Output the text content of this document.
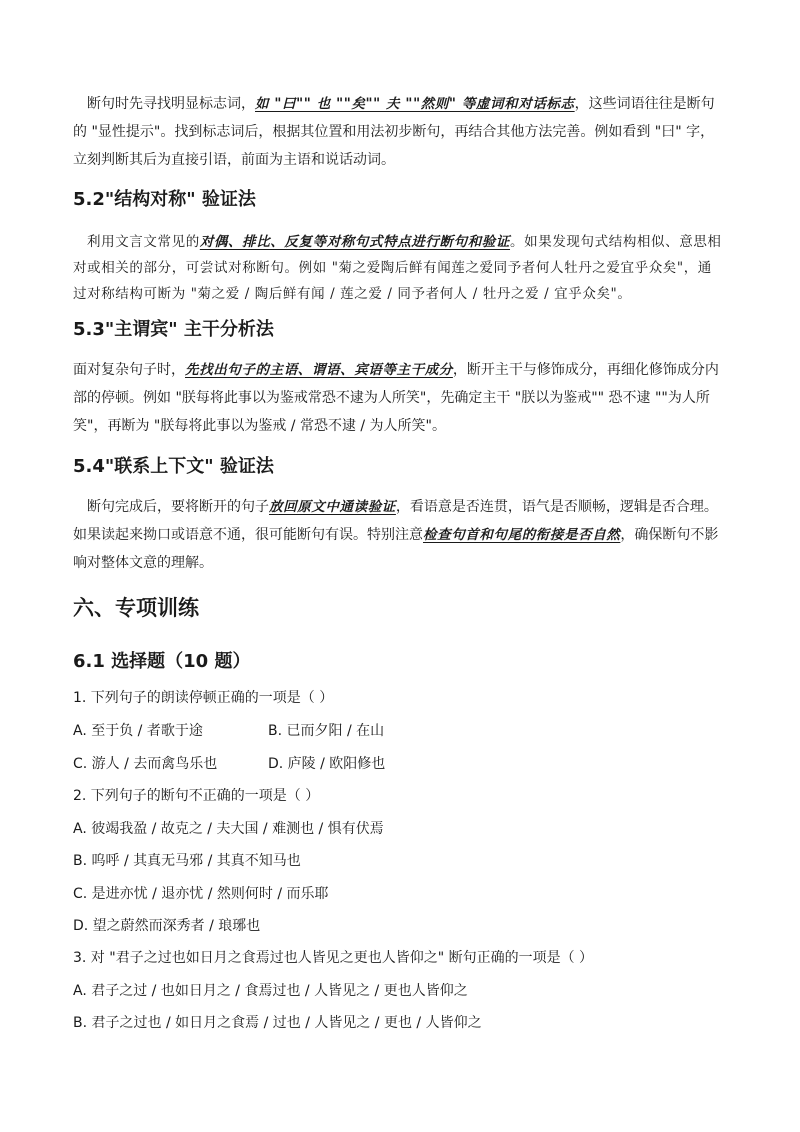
断句时先寻找明显标志词，如 "曰"" 也 ""矣"" 夫 ""然则" 等虚词和对话标志，这些词语往往是断句的 "显性提示"。找到标志词后，根据其位置和用法初步断句，再结合其他方法完善。例如看到 "曰" 字，立刻判断其后为直接引语，前面为主语和说话动词。

5.2"结构对称" 验证法

利用文言文常见的对偶、排比、反复等对称句式特点进行断句和验证。如果发现句式结构相似、意思相对或相关的部分，可尝试对称断句。例如 "菊之爱陶后鲜有闻莲之爱同予者何人牡丹之爱宜乎众矣"，通过对称结构可断为 "菊之爱 / 陶后鲜有闻 / 莲之爱 / 同予者何人 / 牡丹之爱 / 宜乎众矣"。

5.3"主谓宾" 主干分析法

面对复杂句子时，先找出句子的主语、谓语、宾语等主干成分，断开主干与修饰成分，再细化修饰成分内部的停顿。例如 "朕每将此事以为鉴戒常恐不逮为人所笑"，先确定主干 "朕以为鉴戒"" 恐不逮 ""为人所笑"，再断为 "朕每将此事以为鉴戒 / 常恐不逮 / 为人所笑"。

5.4"联系上下文" 验证法

断句完成后，要将断开的句子放回原文中通读验证，看语意是否连贯，语气是否顺畅，逻辑是否合理。如果读起来拗口或语意不通，很可能断句有误。特别注意检查句首和句尾的衔接是否自然，确保断句不影响对整体文意的理解。

六、专项训练
6.1 选择题（10 题）

1. 下列句子的朗读停顿正确的一项是（ ）

A. 至于负 / 者歌于途	B. 已而夕阳 / 在山

C. 游人 / 去而禽鸟乐也	D. 庐陵 / 欧阳修也

2. 下列句子的断句不正确的一项是（ ）

A. 彼竭我盈 / 故克之 / 夫大国 / 难测也 / 惧有伏焉

B. 呜呼 / 其真无马邪 / 其真不知马也

C. 是进亦忧 / 退亦忧 / 然则何时 / 而乐耶

D. 望之蔚然而深秀者 / 琅琊也

3. 对 "君子之过也如日月之食焉过也人皆见之更也人皆仰之" 断句正确的一项是（ ）

A. 君子之过 / 也如日月之 / 食焉过也 / 人皆见之 / 更也人皆仰之

B. 君子之过也 / 如日月之食焉 / 过也 / 人皆见之 / 更也 / 人皆仰之
